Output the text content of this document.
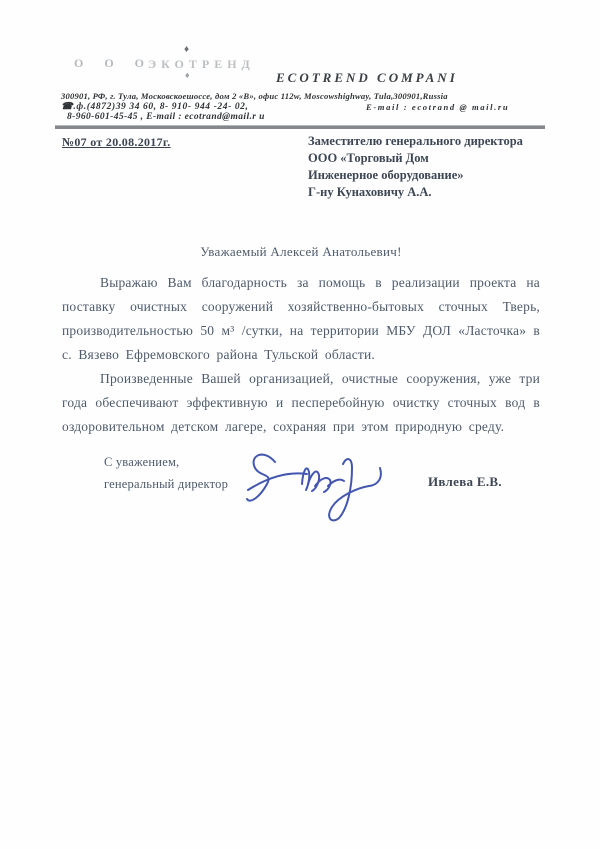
О О О
ЭКОТРЕНД
♦
♦	ECOTREND COMPANI
300901, РФ, г. Тула, Московскоешоссе, дом 2 «В», офис 112w, Moscowshighway, Tula,300901,Russia
☎.ф.(4872)39 34 60, 8- 910- 944 -24- 02,	E-mail : ecotrand @ mail.ru
8-960-601-45-45 , E-mail : ecotrand@mail.r u
№07 от 20.08.2017г.	Заместителю генерального директора
ООО «Торговый Дом
Инженерное оборудование»
Г-ну Кунаховичу А.А.
Уважаемый Алексей Анатольевич!
Выражаю Вам благодарность за помощь в реализации проекта на поставку очистных сооружений хозяйственно-бытовых сточных Тверь, производительностью 50 м³ /сутки, на территории МБУ ДОЛ «Ласточка» в с. Вязево Ефремовского района Тульской области.
Произведенные Вашей организацией, очистные сооружения, уже три года обеспечивают эффективную и песперебойную очистку сточных вод в оздоровительном детском лагере, сохраняя при этом природную среду.
С уважением,
генеральный директор	Ивлева Е.В.
